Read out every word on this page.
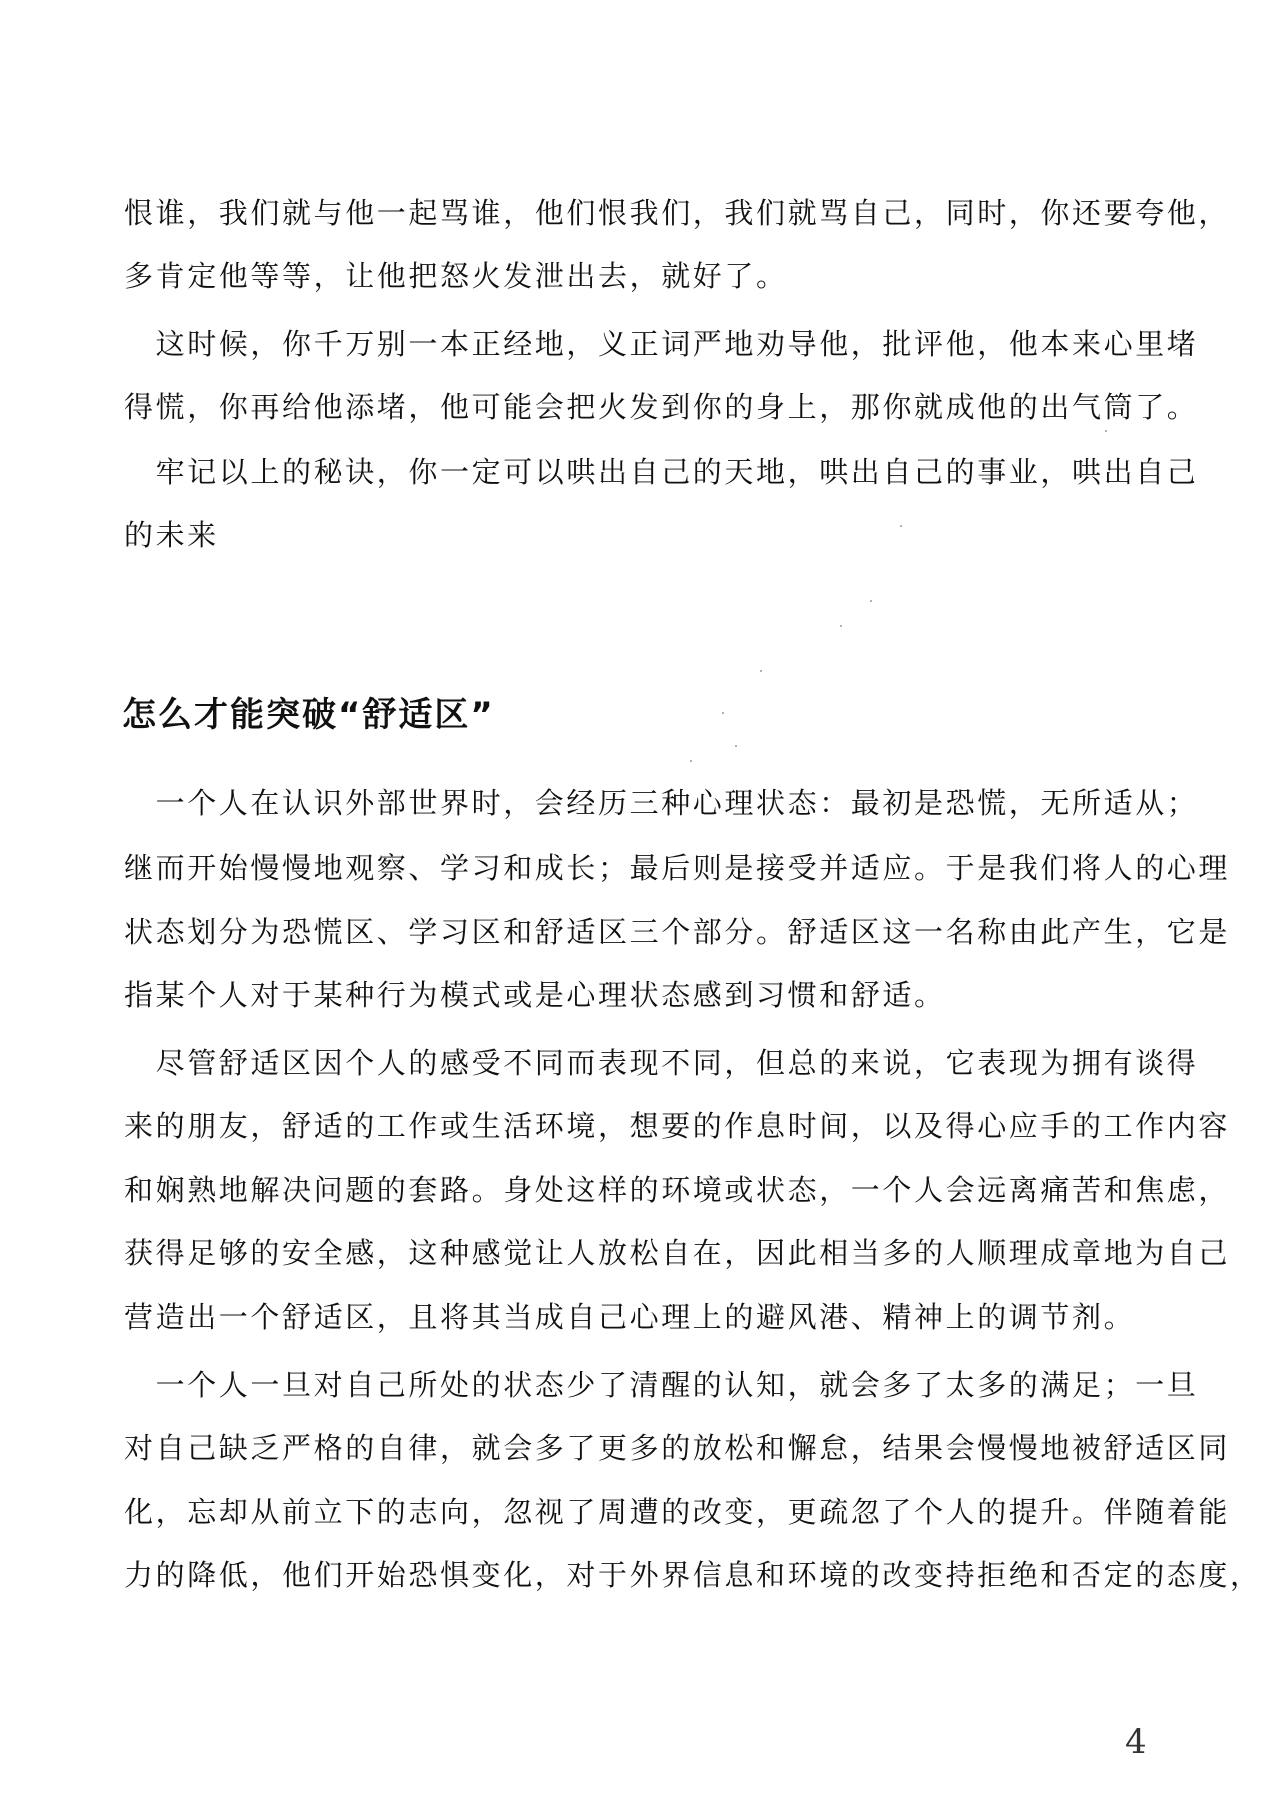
恨谁，我们就与他一起骂谁，他们恨我们，我们就骂自己，同时，你还要夸他，
多肯定他等等，让他把怒火发泄出去，就好了。
　这时候，你千万别一本正经地，义正词严地劝导他，批评他，他本来心里堵
得慌，你再给他添堵，他可能会把火发到你的身上，那你就成他的出气筒了。
　牢记以上的秘诀，你一定可以哄出自己的天地，哄出自己的事业，哄出自己
的未来
怎么才能突破“舒适区”
　一个人在认识外部世界时，会经历三种心理状态：最初是恐慌，无所适从；
继而开始慢慢地观察、学习和成长；最后则是接受并适应。于是我们将人的心理
状态划分为恐慌区、学习区和舒适区三个部分。舒适区这一名称由此产生，它是
指某个人对于某种行为模式或是心理状态感到习惯和舒适。
　尽管舒适区因个人的感受不同而表现不同，但总的来说，它表现为拥有谈得
来的朋友，舒适的工作或生活环境，想要的作息时间，以及得心应手的工作内容
和娴熟地解决问题的套路。身处这样的环境或状态，一个人会远离痛苦和焦虑，
获得足够的安全感，这种感觉让人放松自在，因此相当多的人顺理成章地为自己
营造出一个舒适区，且将其当成自己心理上的避风港、精神上的调节剂。
　一个人一旦对自己所处的状态少了清醒的认知，就会多了太多的满足；一旦
对自己缺乏严格的自律，就会多了更多的放松和懈怠，结果会慢慢地被舒适区同
化，忘却从前立下的志向，忽视了周遭的改变，更疏忽了个人的提升。伴随着能
力的降低，他们开始恐惧变化，对于外界信息和环境的改变持拒绝和否定的态度，
4
